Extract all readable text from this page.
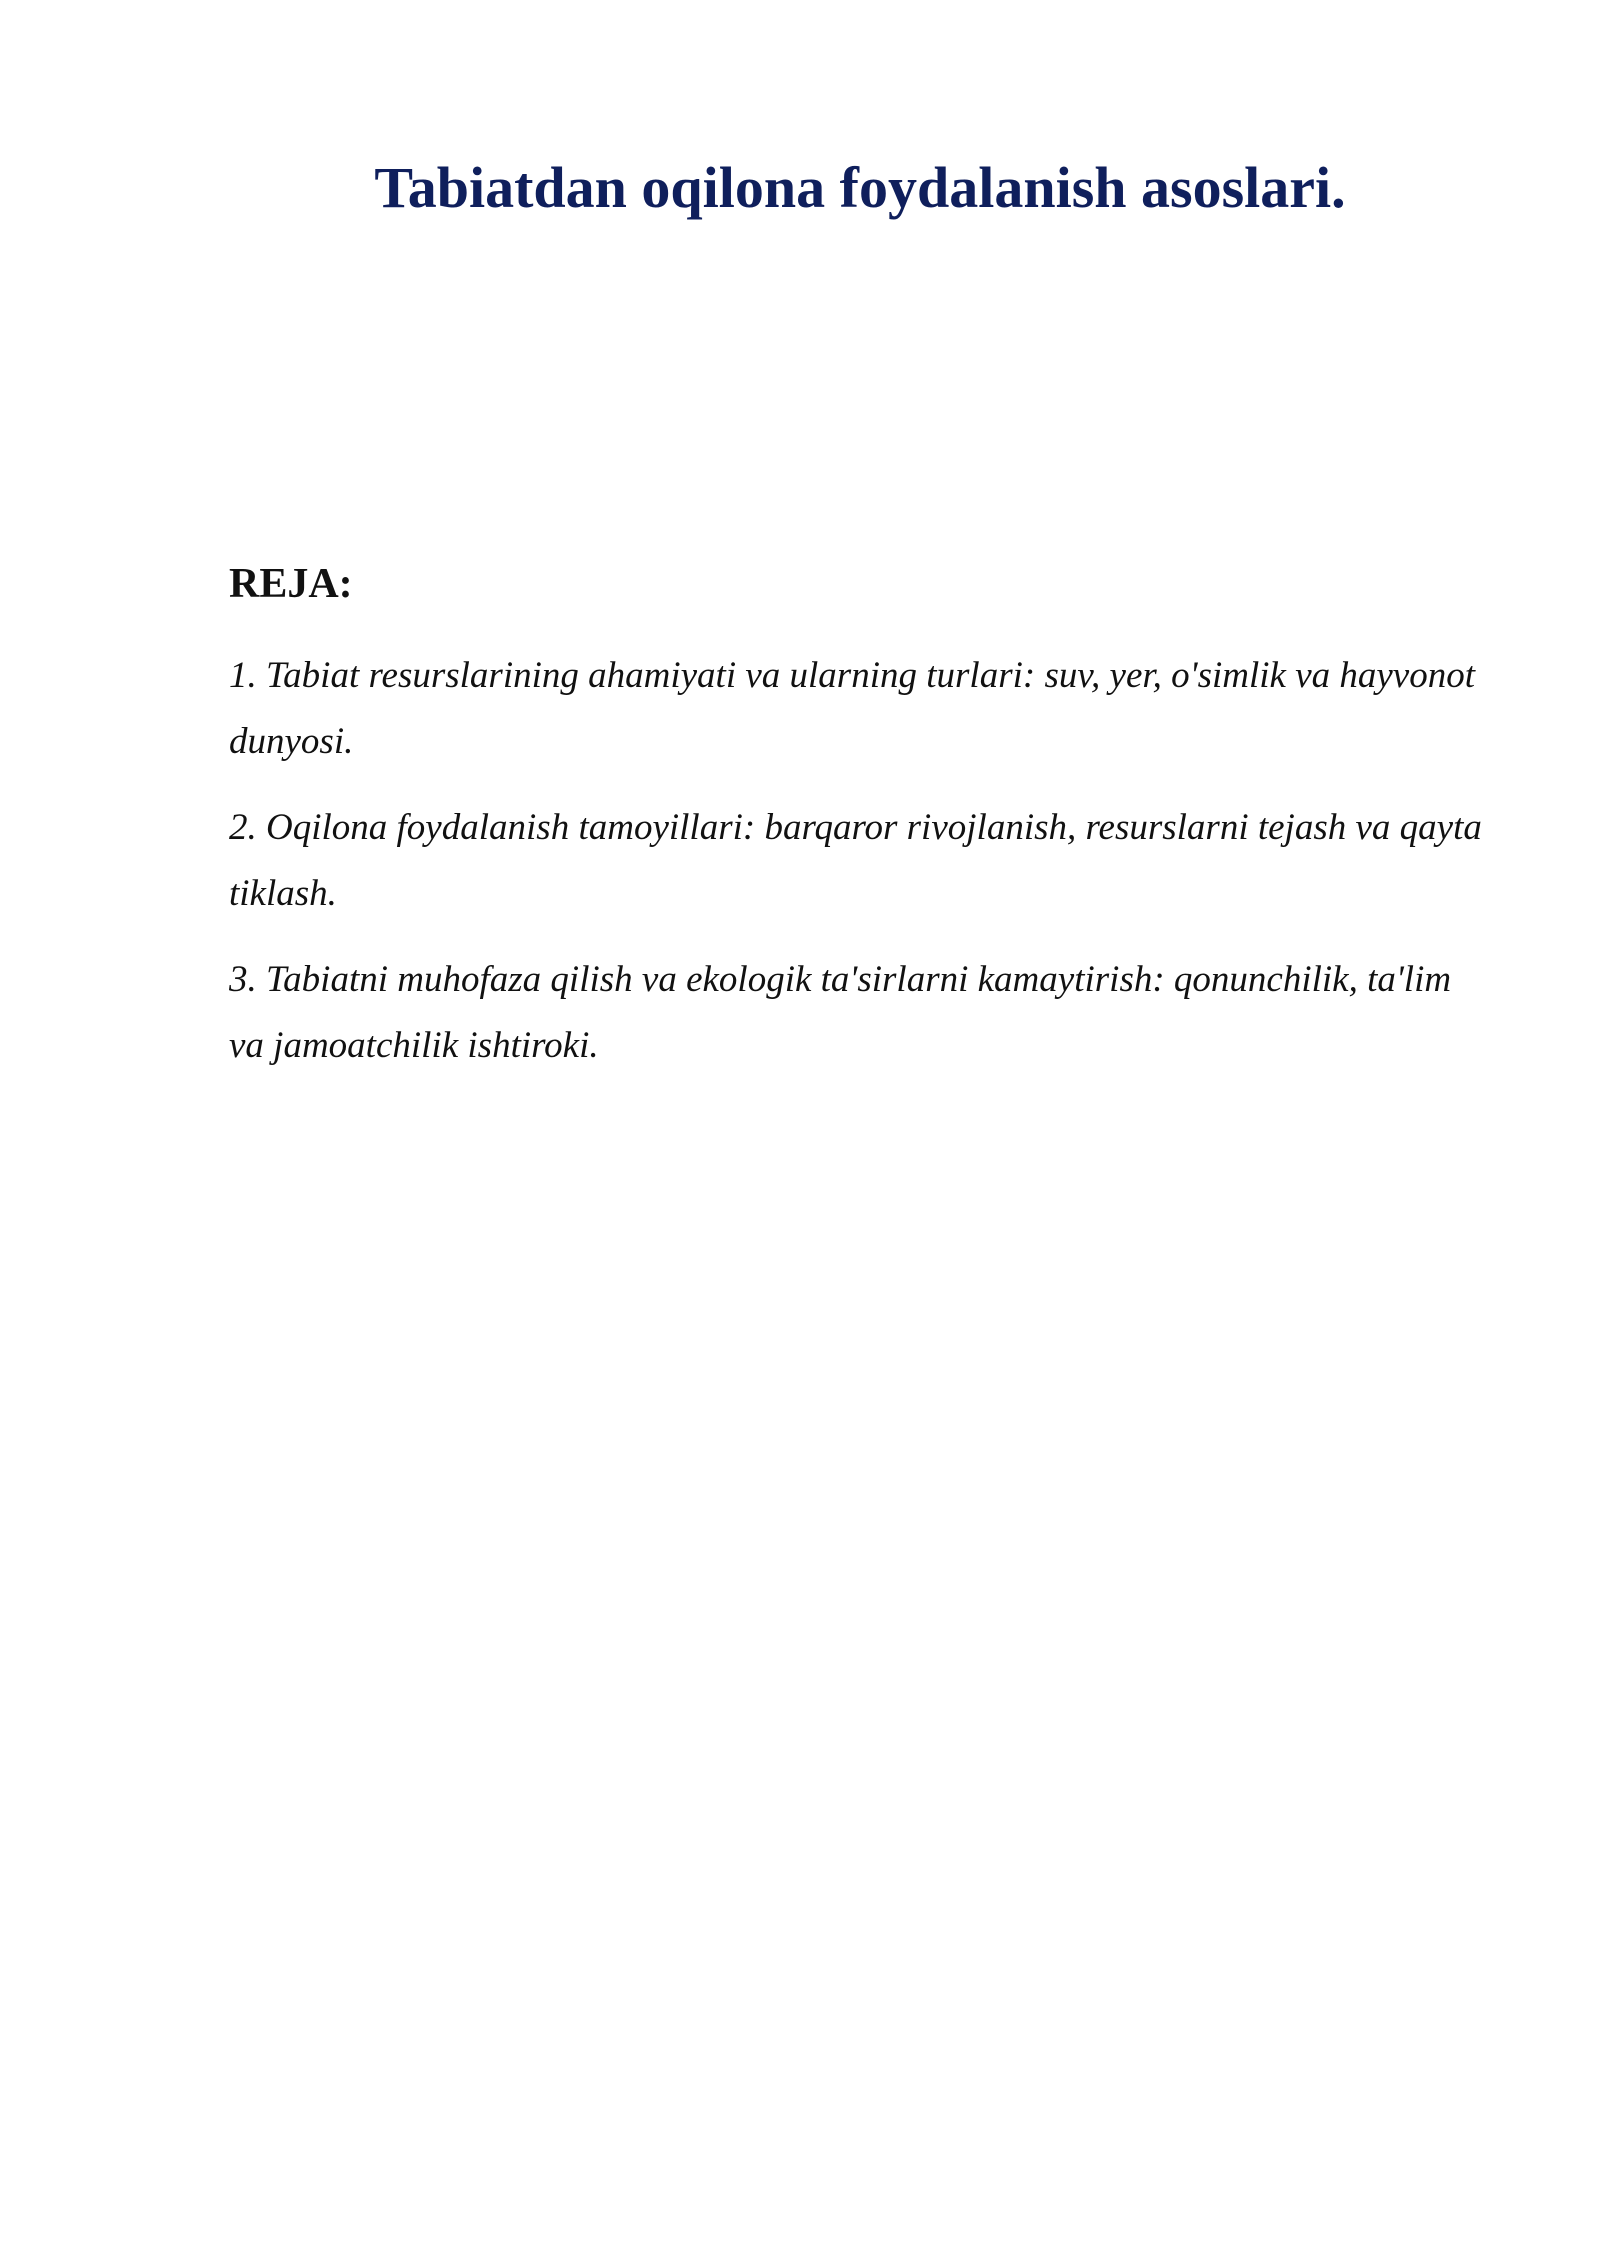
Tabiatdan oqilona foydalanish asoslari.
REJA:
1. Tabiat resurslarining ahamiyati va ularning turlari: suv, yer, o'simlik va hayvonot dunyosi.
2. Oqilona foydalanish tamoyillari: barqaror rivojlanish, resurslarni tejash va qayta tiklash.
3. Tabiatni muhofaza qilish va ekologik ta'sirlarni kamaytirish: qonunchilik, ta'lim va jamoatchilik ishtiroki.
